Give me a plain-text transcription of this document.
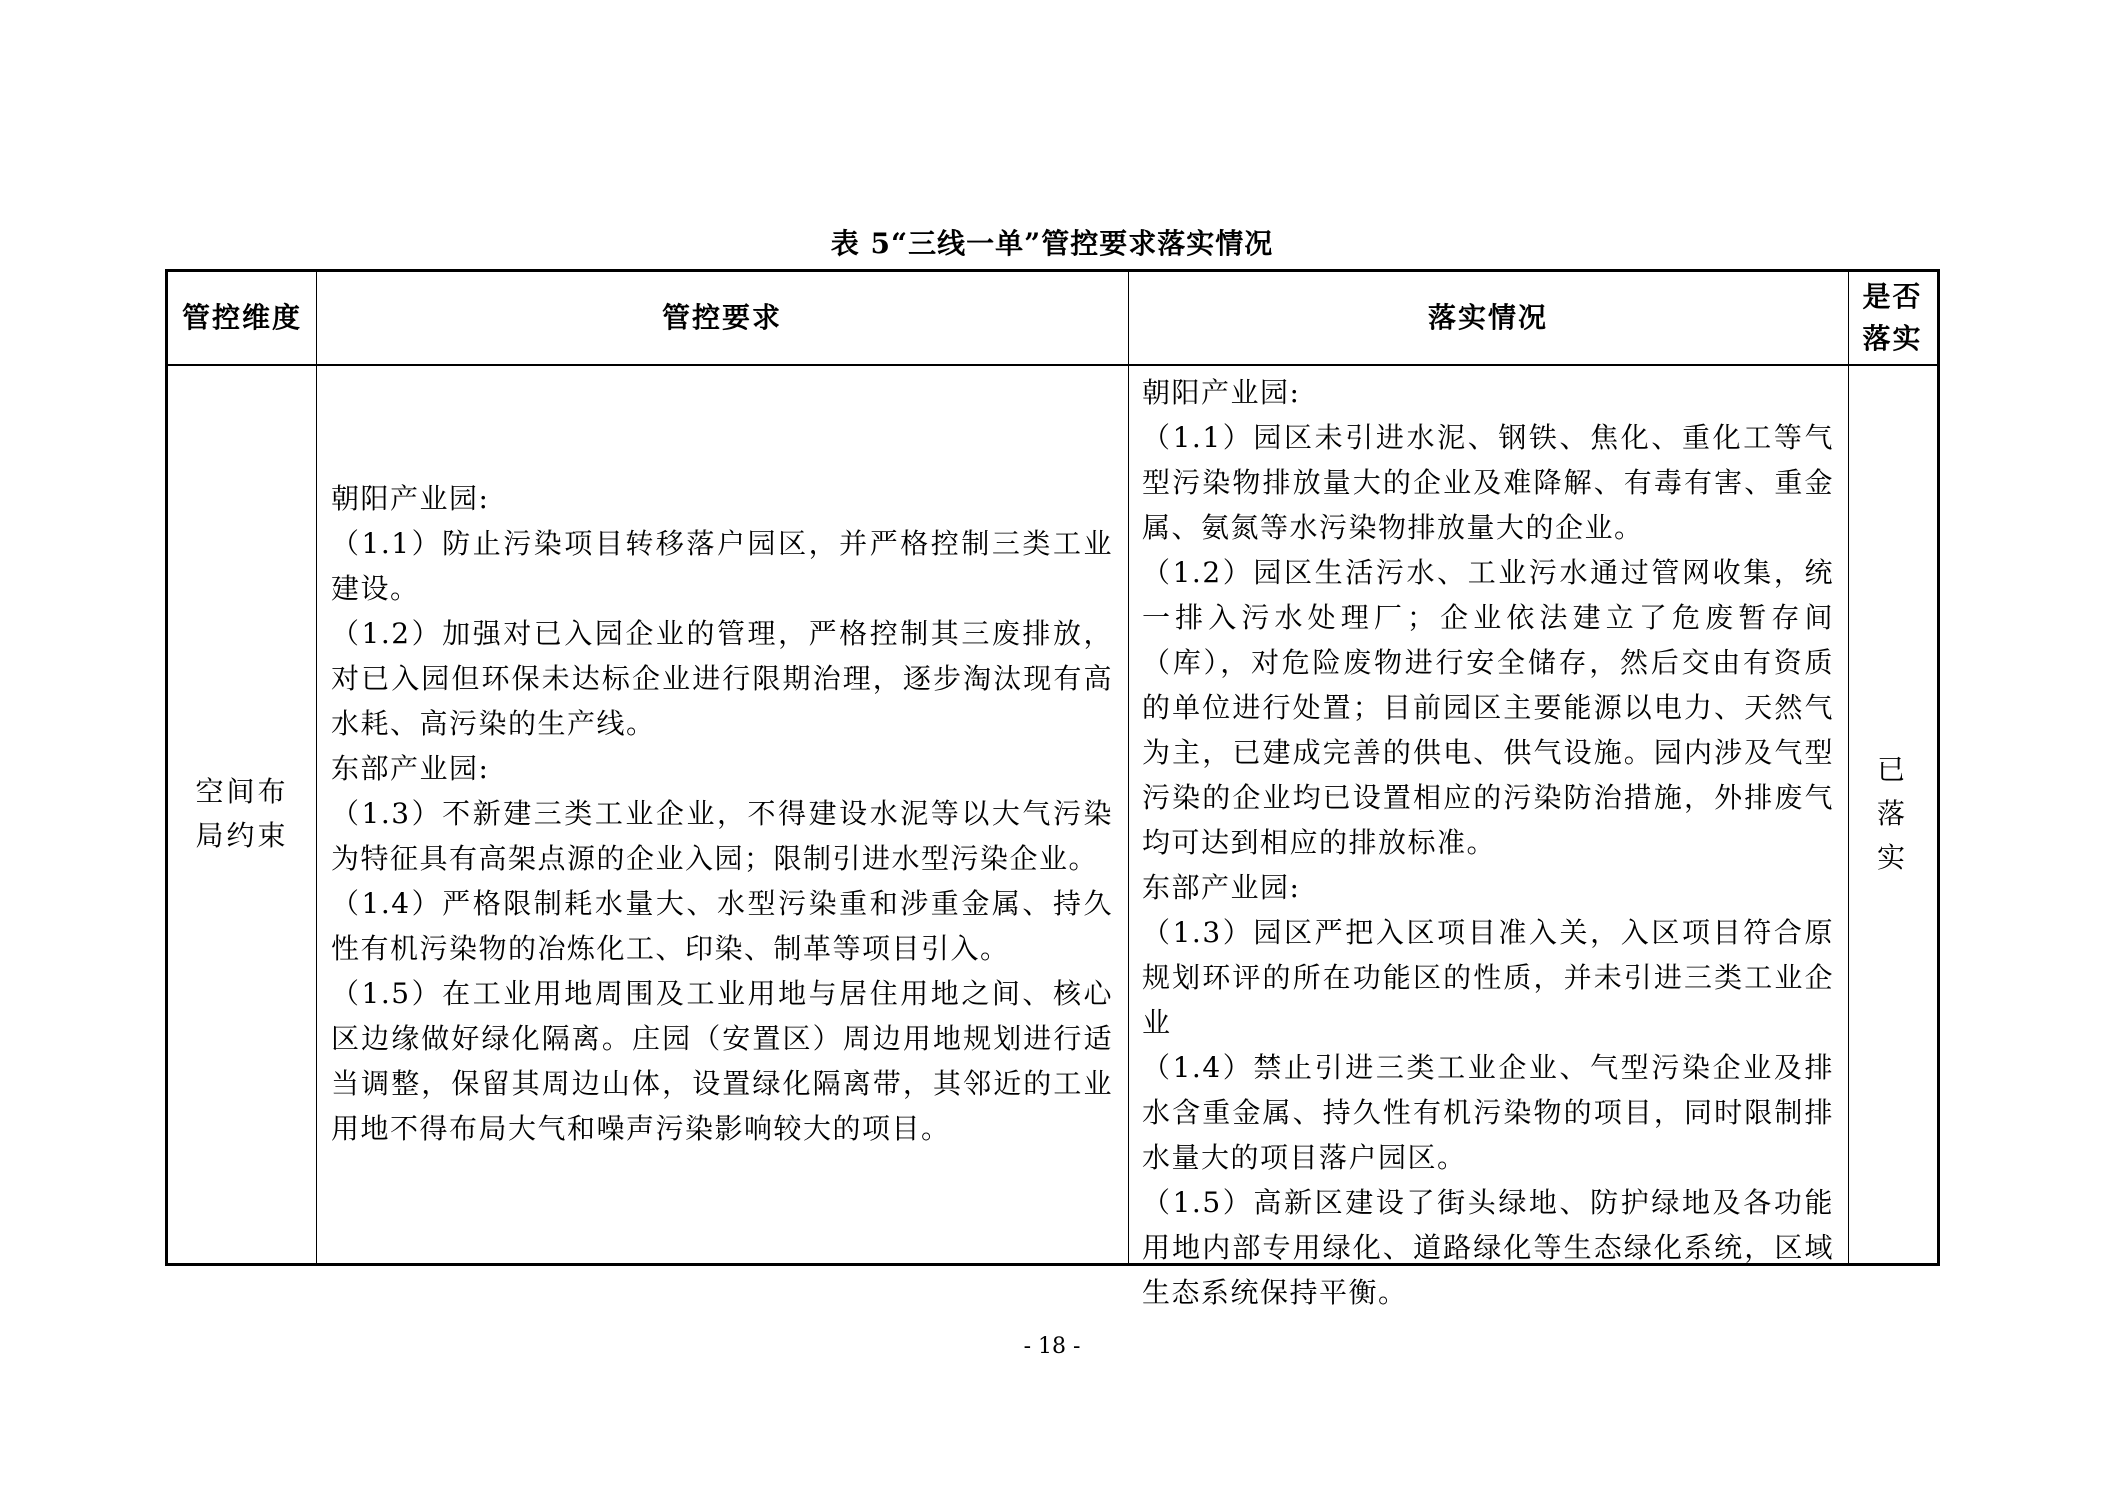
表 5“三线一单”管控要求落实情况
管控维度	管控要求	落实情况
是否
落实
空间布局约束

朝阳产业园:

（1.1）防止污染项目转移落户园区，并严格控制三类工业建设。

（1.2）加强对已入园企业的管理，严格控制其三废排放，对已入园但环保未达标企业进行限期治理，逐步淘汰现有高水耗、高污染的生产线。

东部产业园:

（1.3）不新建三类工业企业，不得建设水泥等以大气污染为特征具有高架点源的企业入园；限制引进水型污染企业。

（1.4）严格限制耗水量大、水型污染重和涉重金属、持久性有机污染物的冶炼化工、印染、制革等项目引入。

（1.5）在工业用地周围及工业用地与居住用地之间、核心区边缘做好绿化隔离。庄园（安置区）周边用地规划进行适当调整，保留其周边山体，设置绿化隔离带，其邻近的工业用地不得布局大气和噪声污染影响较大的项目。

朝阳产业园:

（1.1）园区未引进水泥、钢铁、焦化、重化工等气型污染物排放量大的企业及难降解、有毒有害、重金属、氨氮等水污染物排放量大的企业。

（1.2）园区生活污水、工业污水通过管网收集，统一排入污水处理厂；企业依法建立了危废暂存间（库），对危险废物进行安全储存，然后交由有资质的单位进行处置；目前园区主要能源以电力、天然气为主，已建成完善的供电、供气设施。园内涉及气型污染的企业均已设置相应的污染防治措施，外排废气均可达到相应的排放标准。

东部产业园:

（1.3）园区严把入区项目准入关，入区项目符合原规划环评的所在功能区的性质，并未引进三类工业企业

（1.4）禁止引进三类工业企业、气型污染企业及排水含重金属、持久性有机污染物的项目，同时限制排水量大的项目落户园区。

（1.5）高新区建设了街头绿地、防护绿地及各功能用地内部专用绿化、道路绿化等生态绿化系统，区域生态系统保持平衡。

已落实
- 18 -
